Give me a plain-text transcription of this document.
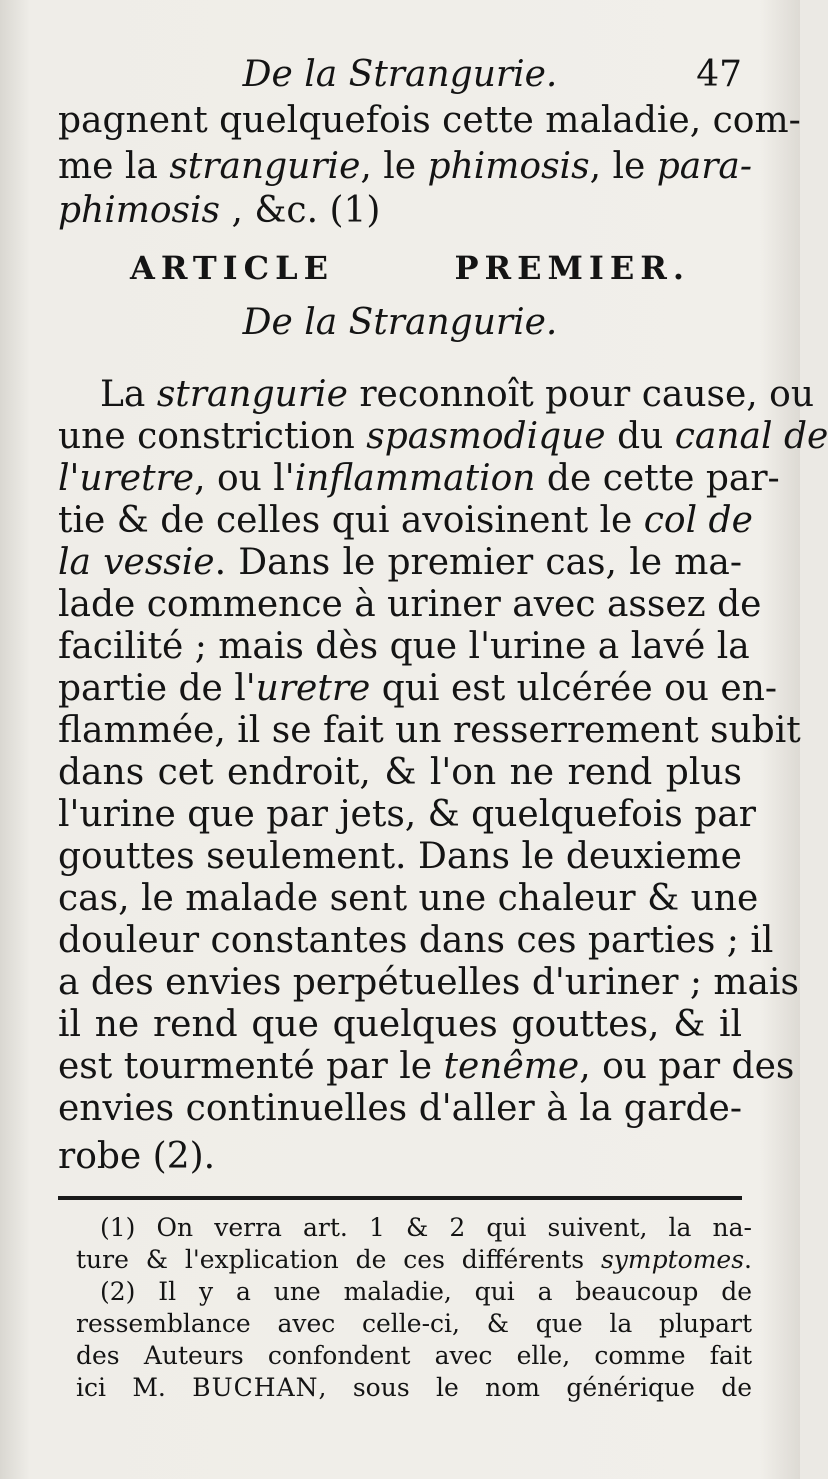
De la Strangurie.	47
pagnent quelquefois cette maladie, com-
me la strangurie, le phimosis, le para-
phimosis , &c. (1)
ARTICLE PREMIER.
De la Strangurie.
La strangurie reconnoît pour cause, ou
une constriction spasmodique du canal de
l'uretre, ou l'inflammation de cette par-
tie & de celles qui avoisinent le col de
la vessie. Dans le premier cas, le ma-
lade commence à uriner avec assez de
facilité ; mais dès que l'urine a lavé la
partie de l'uretre qui est ulcérée ou en-
flammée, il se fait un resserrement subit
dans cet endroit, & l'on ne rend plus
l'urine que par jets, & quelquefois par
gouttes seulement. Dans le deuxieme
cas, le malade sent une chaleur & une
douleur constantes dans ces parties ; il
a des envies perpétuelles d'uriner ; mais
il ne rend que quelques gouttes, & il
est tourmenté par le tenême, ou par des
envies continuelles d'aller à la garde-
robe (2).
(1) On verra art. 1 & 2 qui suivent, la na-
ture & l'explication de ces différents symptomes.
(2) Il y a une maladie, qui a beaucoup de
ressemblance avec celle-ci, & que la plupart
des Auteurs confondent avec elle, comme fait
ici M. BUCHAN, sous le nom générique de
